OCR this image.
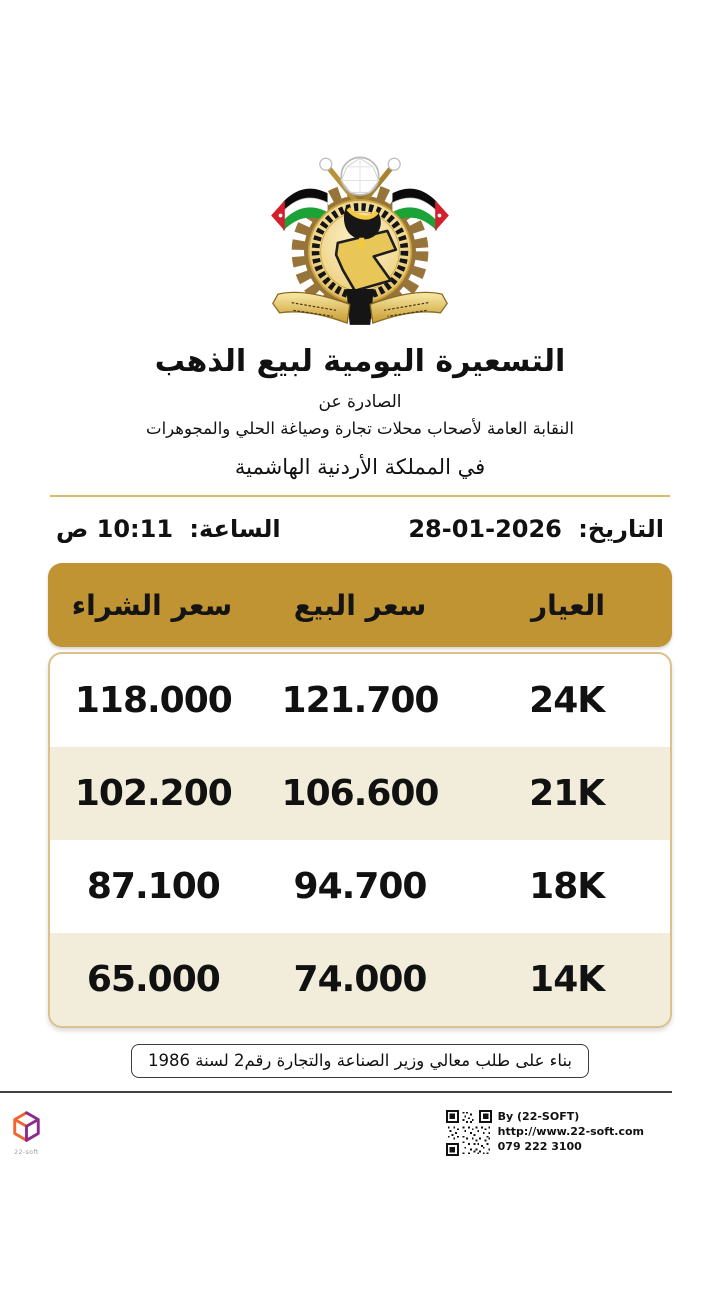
التسعيرة اليومية لبيع الذهب
الصادرة عن
النقابة العامة لأصحاب محلات تجارة وصياغة الحلي والمجوهرات
في المملكة الأردنية الهاشمية
التاريخ: 28-01-2026
الساعة: 10:11 ص
العيار
سعر البيع
سعر الشراء
24K
121.700
118.000
21K
106.600
102.200
18K
94.700
87.100
14K
74.000
65.000
بناء على طلب معالي وزير الصناعة والتجارة رقم2 لسنة 1986
22-soft
By (22-SOFT)
http://www.22-soft.com
079 222 3100
